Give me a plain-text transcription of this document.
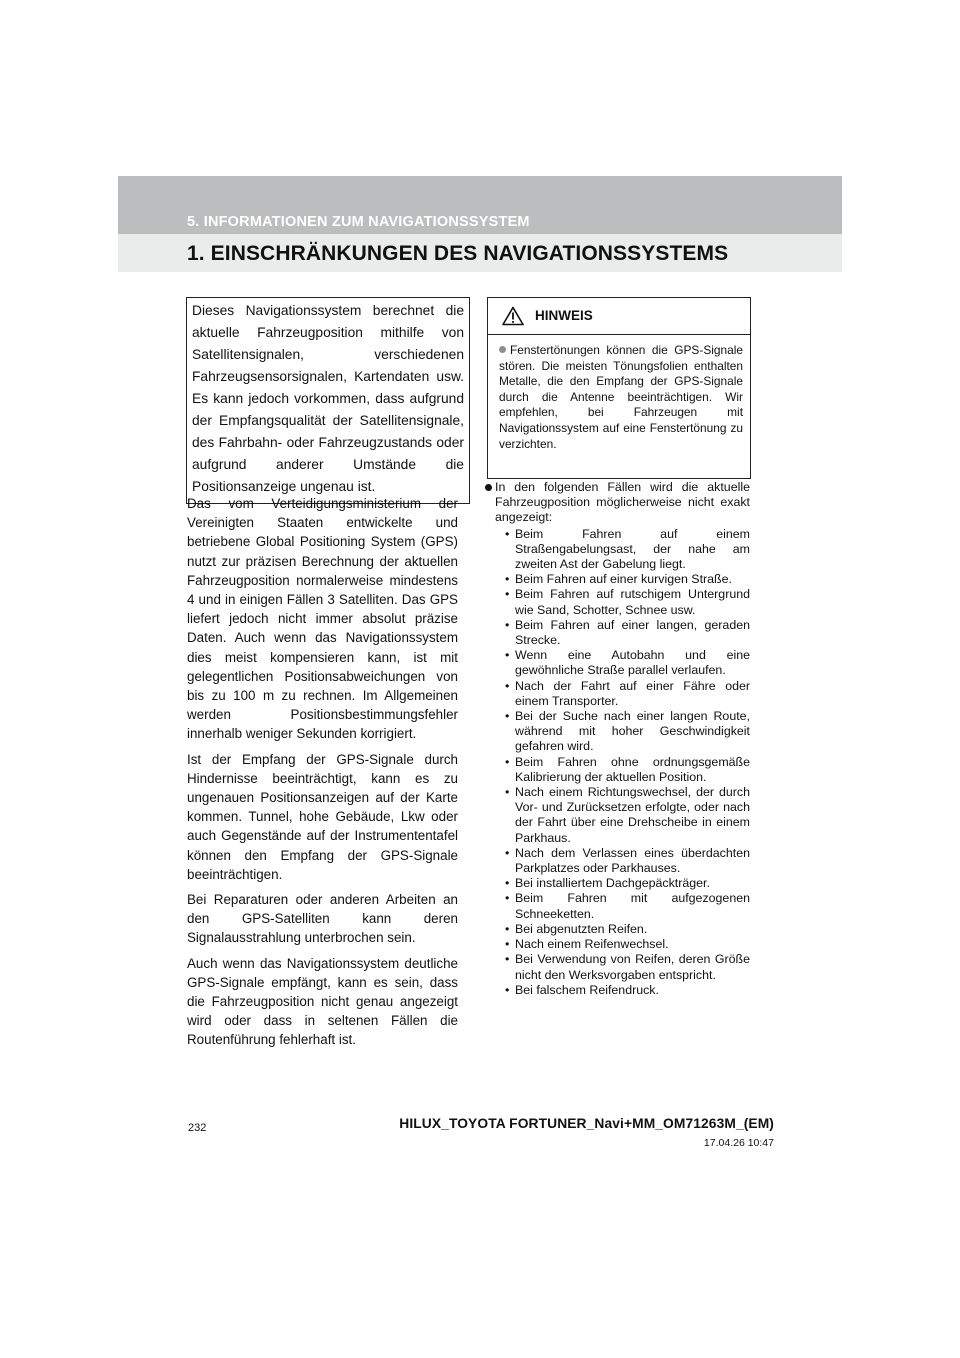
5. INFORMATIONEN ZUM NAVIGATIONSSYSTEM
1. EINSCHRÄNKUNGEN DES NAVIGATIONSSYSTEMS
Dieses Navigationssystem berechnet die aktuelle Fahrzeugposition mithilfe von Satellitensignalen, verschiedenen Fahrzeugsensorsignalen, Kartendaten usw. Es kann jedoch vorkommen, dass aufgrund der Empfangsqualität der Satellitensignale, des Fahrbahn- oder Fahrzeugzustands oder aufgrund anderer Umstände die Positionsanzeige ungenau ist.

Das vom Verteidigungsministerium der Vereinigten Staaten entwickelte und betriebene Global Positioning System (GPS) nutzt zur präzisen Berechnung der aktuellen Fahrzeugposition normalerweise mindestens 4 und in einigen Fällen 3 Satelliten. Das GPS liefert jedoch nicht immer absolut präzise Daten. Auch wenn das Navigationssystem dies meist kompensieren kann, ist mit gelegentlichen Positionsabweichungen von bis zu 100 m zu rechnen. Im Allgemeinen werden Positionsbestimmungsfehler innerhalb weniger Sekunden korrigiert.

Ist der Empfang der GPS-Signale durch Hindernisse beeinträchtigt, kann es zu ungenauen Positionsanzeigen auf der Karte kommen. Tunnel, hohe Gebäude, Lkw oder auch Gegenstände auf der Instrumententafel können den Empfang der GPS-Signale beeinträchtigen.

Bei Reparaturen oder anderen Arbeiten an den GPS-Satelliten kann deren Signalausstrahlung unterbrochen sein.

Auch wenn das Navigationssystem deutliche GPS-Signale empfängt, kann es sein, dass die Fahrzeugposition nicht genau angezeigt wird oder dass in seltenen Fällen die Routenführung fehlerhaft ist.

HINWEIS
Fenstertönungen können die GPS-Signale stören. Die meisten Tönungsfolien enthalten Metalle, die den Empfang der GPS-Signale durch die Antenne beeinträchtigen. Wir empfehlen, bei Fahrzeugen mit Navigationssystem auf eine Fenstertönung zu verzichten.
In den folgenden Fällen wird die aktuelle Fahrzeugposition möglicherweise nicht exakt angezeigt:
• Beim Fahren auf einem Straßengabelungsast, der nahe am zweiten Ast der Gabelung liegt.
• Beim Fahren auf einer kurvigen Straße.
• Beim Fahren auf rutschigem Untergrund wie Sand, Schotter, Schnee usw.
• Beim Fahren auf einer langen, geraden Strecke.
• Wenn eine Autobahn und eine gewöhnliche Straße parallel verlaufen.
• Nach der Fahrt auf einer Fähre oder einem Transporter.
• Bei der Suche nach einer langen Route, während mit hoher Geschwindigkeit gefahren wird.
• Beim Fahren ohne ordnungsgemäße Kalibrierung der aktuellen Position.
• Nach einem Richtungswechsel, der durch Vor- und Zurücksetzen erfolgte, oder nach der Fahrt über eine Drehscheibe in einem Parkhaus.
• Nach dem Verlassen eines überdachten Parkplatzes oder Parkhauses.
• Bei installiertem Dachgepäckträger.
• Beim Fahren mit aufgezogenen Schneeketten.
• Bei abgenutzten Reifen.
• Nach einem Reifenwechsel.
• Bei Verwendung von Reifen, deren Größe nicht den Werksvorgaben entspricht.
• Bei falschem Reifendruck.
232	HILUX_TOYOTA FORTUNER_Navi+MM_OM71263M_(EM)
17.04.26 10:47
